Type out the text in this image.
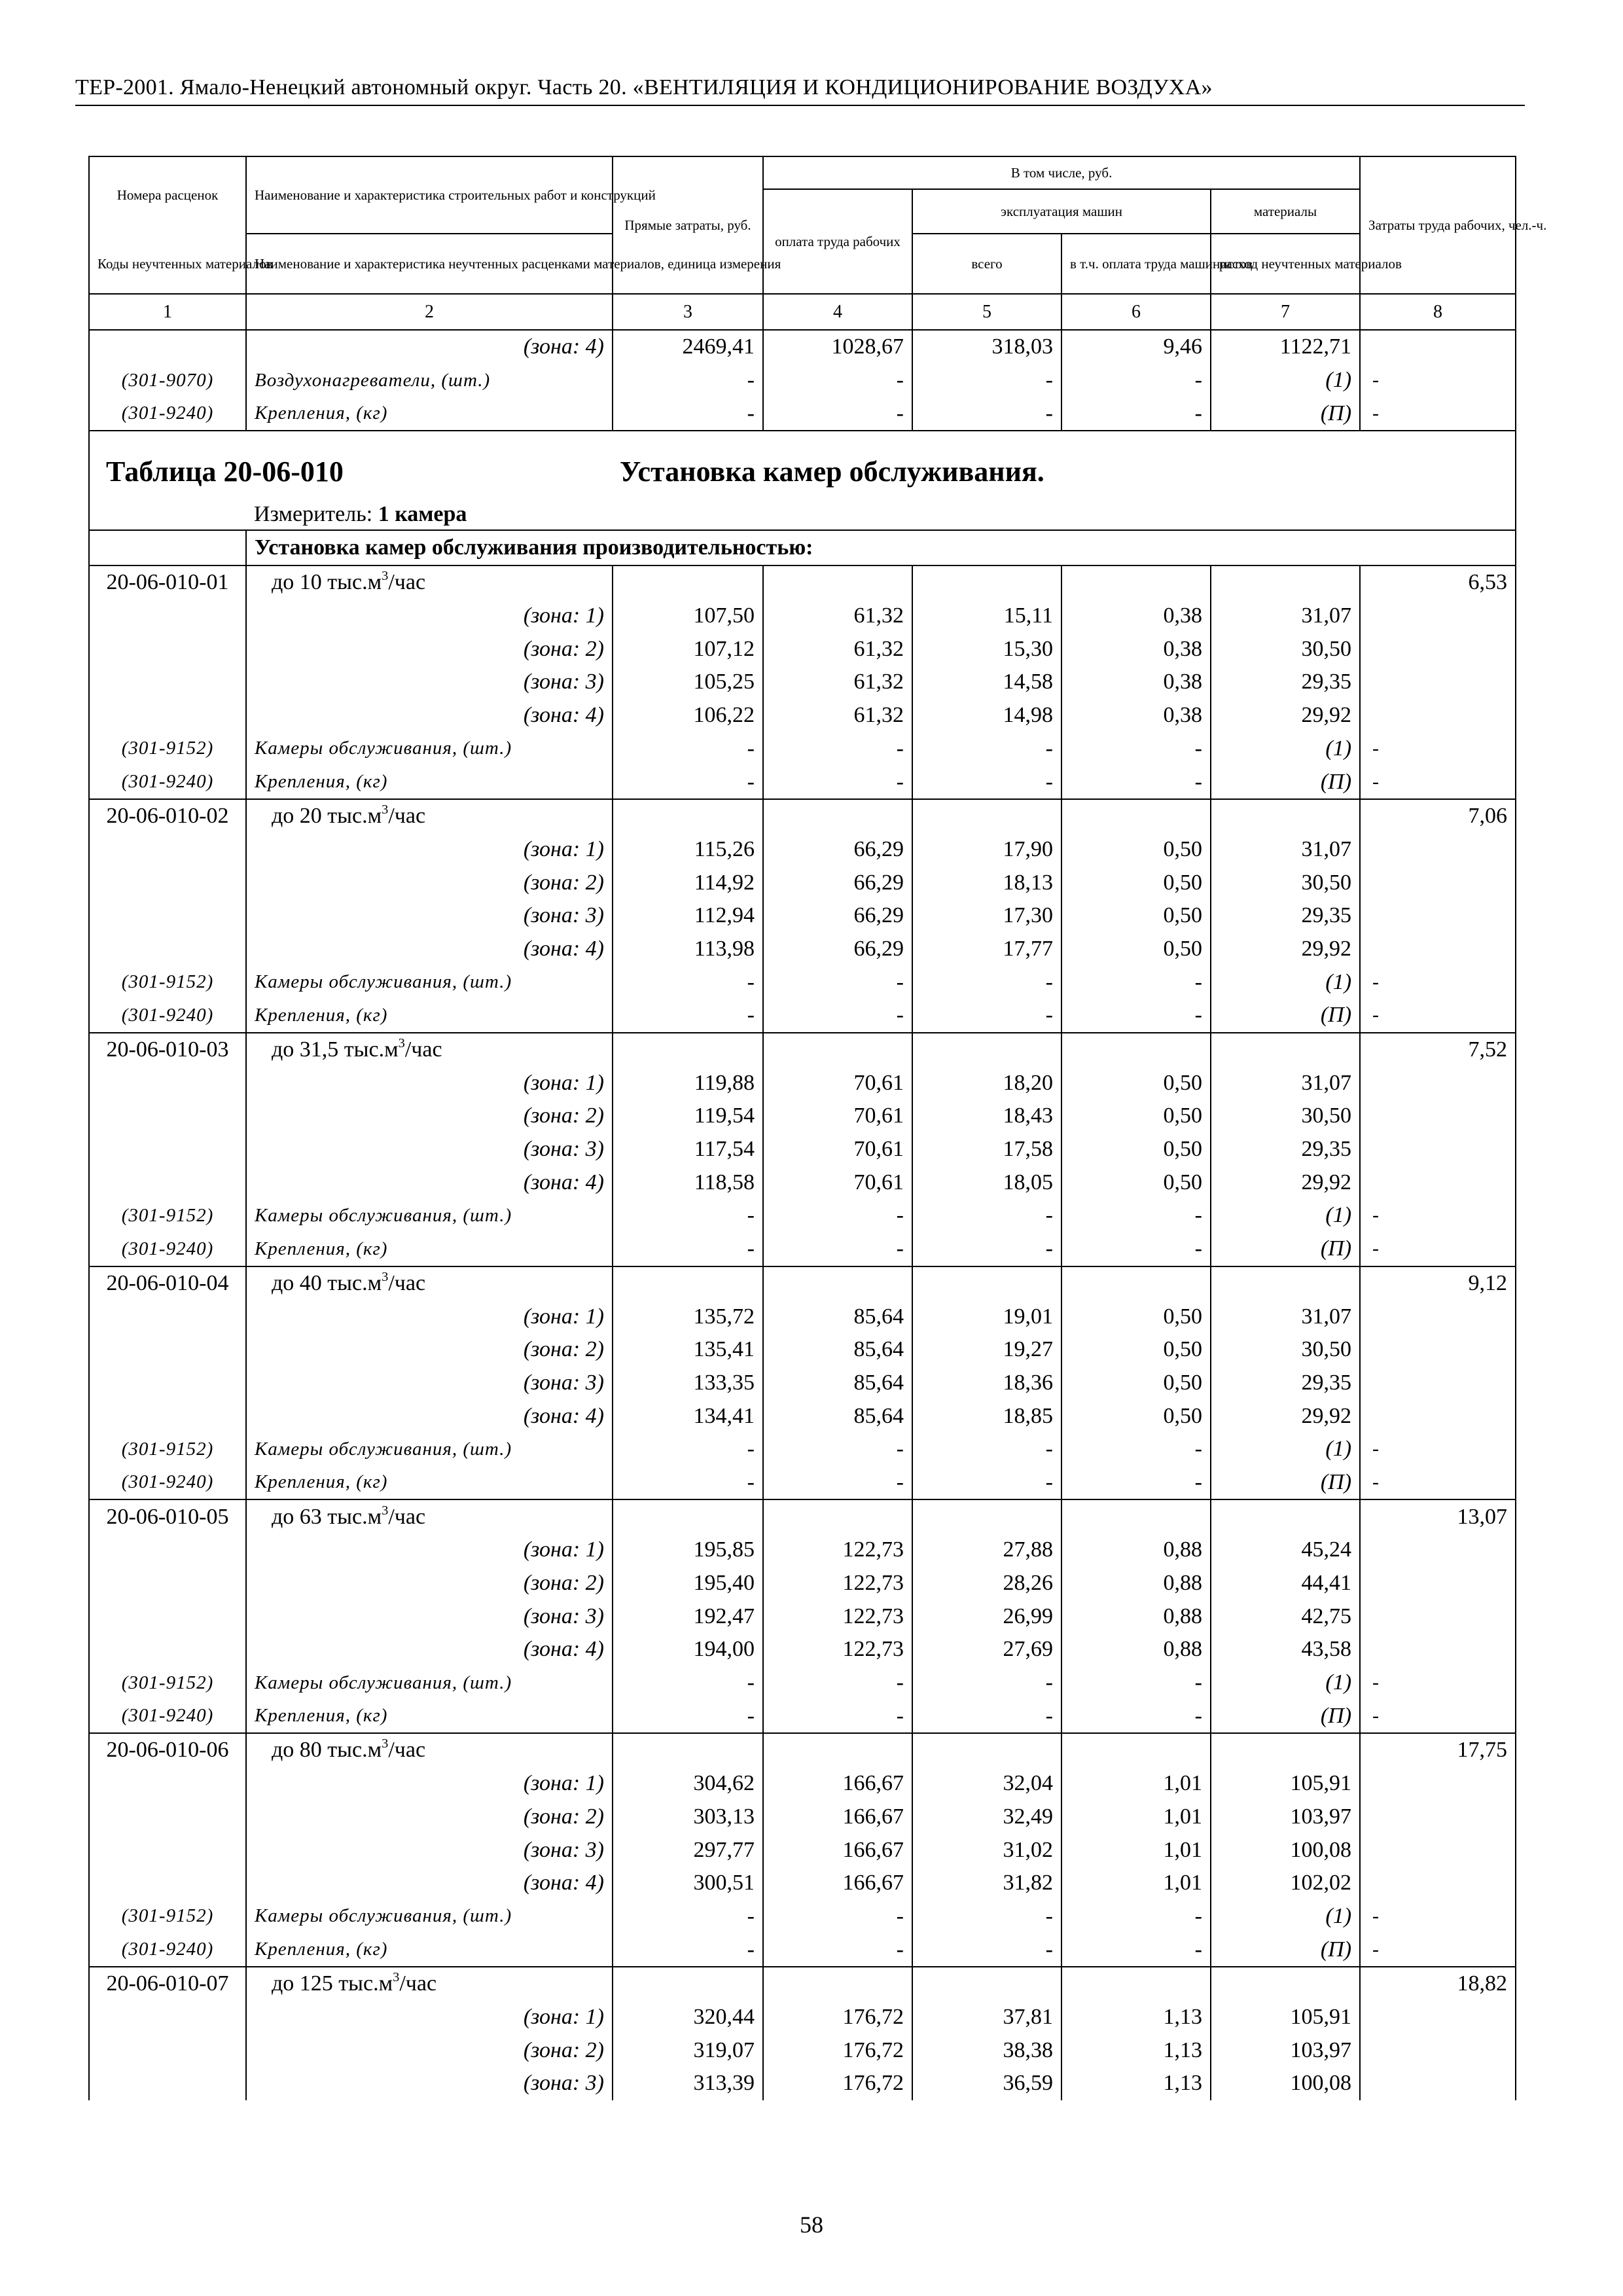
ТЕР-2001. Ямало-Ненецкий автономный округ. Часть 20. «ВЕНТИЛЯЦИЯ И КОНДИЦИОНИРОВАНИЕ ВОЗДУХА»
Номера расценок	Наименование и характеристика строительных работ и конструкций	Прямые затраты, руб.	В том числе, руб.				Затраты труда рабочих, чел.-ч.
			оплата труда рабочих	эксплуатация машин		материалы	
Коды неучтенных материалов	Наименование и характеристика неучтенных расценками материалов, единица измерения			всего	в т.ч. оплата труда машинистов	расход неучтенных материалов	
1	2	3	4	5	6	7	8
	(зона: 4)	2469,41	1028,67	318,03	9,46	1122,71	
(301-9070)	Воздухонагреватели, (шт.)	-	-	-	-	(1)	-
(301-9240)	Крепления, (кг)	-	-	-	-	(П)	-

Таблица 20-06-010 Установка камер обслуживания.							

	Измеритель: 1 камера						
	Установка камер обслуживания производительностью:						
20-06-010-01	до 10 $тыс.м^3$/час						6,53
	(зона: 1)	107,50	61,32	15,11	0,38	31,07	
	(зона: 2)	107,12	61,32	15,30	0,38	30,50	
	(зона: 3)	105,25	61,32	14,58	0,38	29,35	
	(зона: 4)	106,22	61,32	14,98	0,38	29,92	
(301-9152)	Камеры обслуживания, (шт.)	-	-	-	-	(1)	-
(301-9240)	Крепления, (кг)	-	-	-	-	(П)	-
20-06-010-02	до 20 $тыс.м^3$/час						7,06
	(зона: 1)	115,26	66,29	17,90	0,50	31,07	
	(зона: 2)	114,92	66,29	18,13	0,50	30,50	
	(зона: 3)	112,94	66,29	17,30	0,50	29,35	
	(зона: 4)	113,98	66,29	17,77	0,50	29,92	
(301-9152)	Камеры обслуживания, (шт.)	-	-	-	-	(1)	-
(301-9240)	Крепления, (кг)	-	-	-	-	(П)	-
20-06-010-03	до 31,5 $тыс.м^3$/час						7,52
	(зона: 1)	119,88	70,61	18,20	0,50	31,07	
	(зона: 2)	119,54	70,61	18,43	0,50	30,50	
	(зона: 3)	117,54	70,61	17,58	0,50	29,35	
	(зона: 4)	118,58	70,61	18,05	0,50	29,92	
(301-9152)	Камеры обслуживания, (шт.)	-	-	-	-	(1)	-
(301-9240)	Крепления, (кг)	-	-	-	-	(П)	-
20-06-010-04	до 40 $тыс.м^3$/час						9,12
	(зона: 1)	135,72	85,64	19,01	0,50	31,07	
	(зона: 2)	135,41	85,64	19,27	0,50	30,50	
	(зона: 3)	133,35	85,64	18,36	0,50	29,35	
	(зона: 4)	134,41	85,64	18,85	0,50	29,92	
(301-9152)	Камеры обслуживания, (шт.)	-	-	-	-	(1)	-
(301-9240)	Крепления, (кг)	-	-	-	-	(П)	-
20-06-010-05	до 63 $тыс.м^3$/час						13,07
	(зона: 1)	195,85	122,73	27,88	0,88	45,24	
	(зона: 2)	195,40	122,73	28,26	0,88	44,41	
	(зона: 3)	192,47	122,73	26,99	0,88	42,75	
	(зона: 4)	194,00	122,73	27,69	0,88	43,58	
(301-9152)	Камеры обслуживания, (шт.)	-	-	-	-	(1)	-
(301-9240)	Крепления, (кг)	-	-	-	-	(П)	-
20-06-010-06	до 80 $тыс.м^3$/час						17,75
	(зона: 1)	304,62	166,67	32,04	1,01	105,91	
	(зона: 2)	303,13	166,67	32,49	1,01	103,97	
	(зона: 3)	297,77	166,67	31,02	1,01	100,08	
	(зона: 4)	300,51	166,67	31,82	1,01	102,02	
(301-9152)	Камеры обслуживания, (шт.)	-	-	-	-	(1)	-
(301-9240)	Крепления, (кг)	-	-	-	-	(П)	-
20-06-010-07	до 125 $тыс.м^3$/час						18,82
	(зона: 1)	320,44	176,72	37,81	1,13	105,91	
	(зона: 2)	319,07	176,72	38,38	1,13	103,97	
	(зона: 3)	313,39	176,72	36,59	1,13	100,08	
58
